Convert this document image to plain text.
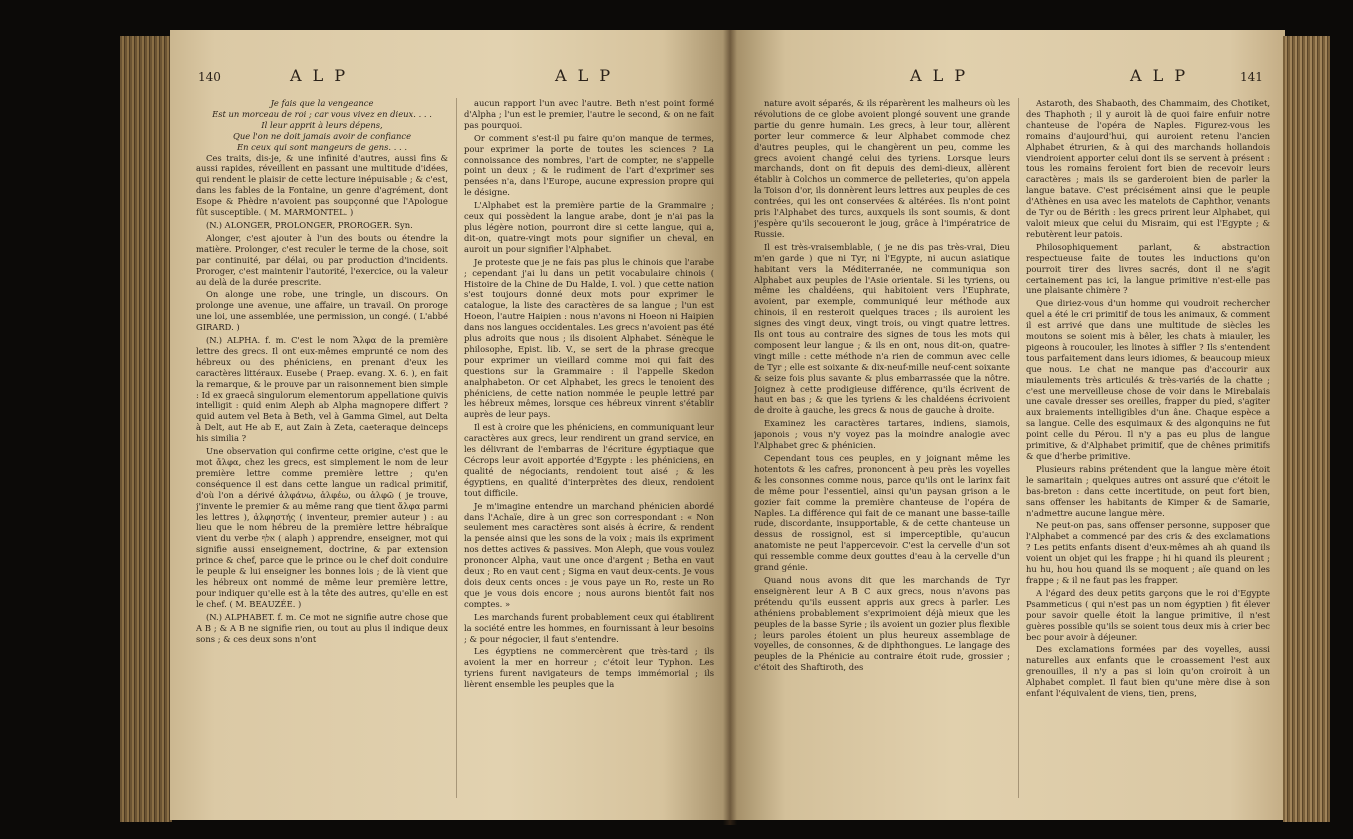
140	A L P	A L P

Je fais que la vengeance

Est un morceau de roi ; car vous vivez en dieux. . . .

Il leur apprit à leurs dépens,

Que l'on ne doit jamais avoir de confiance

En ceux qui sont mangeurs de gens. . . .

Ces traits, dis-je, & une infinité d'autres, aussi fins & aussi rapides, réveillent en passant une multitude d'idées, qui rendent le plaisir de cette lecture inépuisable ; & c'est, dans les fables de la Fontaine, un genre d'agrément, dont Esope & Phèdre n'avoient pas soupçonné que l'Apologue fût susceptible. ( M. MARMONTEL. )

(N.) ALONGER, PROLONGER, PROROGER. Syn.

Alonger, c'est ajouter à l'un des bouts ou étendre la matière. Prolonger, c'est reculer le terme de la chose, soit par continuité, par délai, ou par production d'incidents. Proroger, c'est maintenir l'autorité, l'exercice, ou la valeur au delà de la durée prescrite.

On alonge une robe, une tringle, un discours. On prolonge une avenue, une affaire, un travail. On proroge une loi, une assemblée, une permission, un congé. ( L'abbé GIRARD. )

(N.) ALPHA. f. m. C'est le nom Ἄλφα de la première lettre des grecs. Il ont eux-mêmes emprunté ce nom des hébreux ou des phéniciens, en prenant d'eux les caractères littéraux. Eusebe ( Praep. evang. X. 6. ), en fait la remarque, & le prouve par un raisonnement bien simple : Id ex graecâ singulorum elementorum appellatione quivis intelligit : quid enim Aleph ab Alpha magnopere differt ? quid autem vel Beta à Beth, vel à Gamma Gimel, aut Delta à Delt, aut He ab E, aut Zain à Zeta, caeteraque deinceps his similia ?

Une observation qui confirme cette origine, c'est que le mot ἄλφα, chez les grecs, est simplement le nom de leur première lettre comme première lettre ; qu'en conséquence il est dans cette langue un radical primitif, d'où l'on a dérivé ἀλφάνω, ἀλφέω, ou ἀλφῶ ( je trouve, j'invente le premier & au même rang que tient ἄλφα parmi les lettres ), ἀλφηστής ( inventeur, premier auteur ) : au lieu que le nom hébreu de la première lettre hébraïque vient du verbe אלף ( alaph ) apprendre, enseigner, mot qui signifie aussi enseignement, doctrine, & par extension prince & chef, parce que le prince ou le chef doit conduire le peuple & lui enseigner les bonnes lois ; de là vient que les hébreux ont nommé de même leur première lettre, pour indiquer qu'elle est à la tête des autres, qu'elle en est le chef. ( M. BEAUZÉE. )

(N.) ALPHABET. f. m. Ce mot ne signifie autre chose que A B ; & A B ne signifie rien, ou tout au plus il indique deux sons ; & ces deux sons n'ont

aucun rapport l'un avec l'autre. Beth n'est point formé d'Alpha ; l'un est le premier, l'autre le second, & on ne fait pas pourquoi.

Or comment s'est-il pu faire qu'on manque de termes, pour exprimer la porte de toutes les sciences ? La connoissance des nombres, l'art de compter, ne s'appelle point un deux ; & le rudiment de l'art d'exprimer ses pensées n'a, dans l'Europe, aucune expression propre qui le désigne.

L'Alphabet est la première partie de la Grammaire ; ceux qui possèdent la langue arabe, dont je n'ai pas la plus légère notion, pourront dire si cette langue, qui a, dit-on, quatre-vingt mots pour signifier un cheval, en auroit un pour signifier l'Alphabet.

Je proteste que je ne fais pas plus le chinois que l'arabe ; cependant j'ai lu dans un petit vocabulaire chinois ( Histoire de la Chine de Du Halde, I. vol. ) que cette nation s'est toujours donné deux mots pour exprimer le catalogue, la liste des caractères de sa langue ; l'un est Hoeon, l'autre Haipien : nous n'avons ni Hoeon ni Haipien dans nos langues occidentales. Les grecs n'avoient pas été plus adroits que nous ; ils disoient Alphabet. Sénèque le philosophe, Epist. lib. V., se sert de la phrase grecque pour exprimer un vieillard comme moi qui fait des questions sur la Grammaire : il l'appelle Skedon analphabeton. Or cet Alphabet, les grecs le tenoient des phéniciens, de cette nation nommée le peuple lettré par les hébreux mêmes, lorsque ces hébreux vinrent s'établir auprès de leur pays.

Il est à croire que les phéniciens, en communiquant leur caractères aux grecs, leur rendirent un grand service, en les délivrant de l'embarras de l'écriture égyptiaque que Cécrops leur avoit apportée d'Egypte : les phéniciens, en qualité de négociants, rendoient tout aisé ; & les égyptiens, en qualité d'interprètes des dieux, rendoient tout difficile.

Je m'imagine entendre un marchand phénicien abordé dans l'Achaïe, dire à un grec son correspondant : « Non seulement mes caractères sont aisés à écrire, & rendent la pensée ainsi que les sons de la voix ; mais ils expriment nos dettes actives & passives. Mon Aleph, que vous voulez prononcer Alpha, vaut une once d'argent ; Betha en vaut deux ; Ro en vaut cent ; Sigma en vaut deux-cents. Je vous dois deux cents onces : je vous paye un Ro, reste un Ro que je vous dois encore ; nous aurons bientôt fait nos comptes. »

Les marchands furent probablement ceux qui établirent la société entre les hommes, en fournissant à leur besoins ; & pour négocier, il faut s'entendre.

Les égyptiens ne commercèrent que très-tard ; ils avoient la mer en horreur ; c'étoit leur Typhon. Les tyriens furent navigateurs de temps immémorial ; ils lièrent ensemble les peuples que la

A L P	A L P	141

nature avoit séparés, & ils réparèrent les malheurs où les révolutions de ce globe avoient plongé souvent une grande partie du genre humain. Les grecs, à leur tour, allèrent porter leur commerce & leur Alphabet commode chez d'autres peuples, qui le changèrent un peu, comme les grecs avoient changé celui des tyriens. Lorsque leurs marchands, dont on fit depuis des demi-dieux, allèrent établir à Colchos un commerce de pelleteries, qu'on appela la Toison d'or, ils donnèrent leurs lettres aux peuples de ces contrées, qui les ont conservées & altérées. Ils n'ont point pris l'Alphabet des turcs, auxquels ils sont soumis, & dont j'espère qu'ils secoueront le joug, grâce à l'impératrice de Russie.

Il est très-vraisemblable, ( je ne dis pas très-vrai, Dieu m'en garde ) que ni Tyr, ni l'Egypte, ni aucun asiatique habitant vers la Méditerranée, ne communiqua son Alphabet aux peuples de l'Asie orientale. Si les tyriens, ou même les chaldéens, qui habitoient vers l'Euphrate, avoient, par exemple, communiqué leur méthode aux chinois, il en resteroit quelques traces ; ils auroient les signes des vingt deux, vingt trois, ou vingt quatre lettres. Ils ont tous au contraire des signes de tous les mots qui composent leur langue ; & ils en ont, nous dit-on, quatre-vingt mille : cette méthode n'a rien de commun avec celle de Tyr ; elle est soixante & dix-neuf-mille neuf-cent soixante & seize fois plus savante & plus embarrassée que la nôtre. Joignez à cette prodigieuse différence, qu'ils écrivent de haut en bas ; & que les tyriens & les chaldéens écrivoient de droite à gauche, les grecs & nous de gauche à droite.

Examinez les caractères tartares, indiens, siamois, japonois ; vous n'y voyez pas la moindre analogie avec l'Alphabet grec & phénicien.

Cependant tous ces peuples, en y joignant même les hotentots & les cafres, prononcent à peu près les voyelles & les consonnes comme nous, parce qu'ils ont le larinx fait de même pour l'essentiel, ainsi qu'un paysan grison a le gozier fait comme la première chanteuse de l'opéra de Naples. La différence qui fait de ce manant une basse-taille rude, discordante, insupportable, & de cette chanteuse un dessus de rossignol, est si imperceptible, qu'aucun anatomiste ne peut l'appercevoir. C'est la cervelle d'un sot qui ressemble comme deux gouttes d'eau à la cervelle d'un grand génie.

Quand nous avons dit que les marchands de Tyr enseignèrent leur A B C aux grecs, nous n'avons pas prétendu qu'ils eussent appris aux grecs à parler. Les athéniens probablement s'exprimoient déjà mieux que les peuples de la basse Syrie ; ils avoient un gozier plus flexible ; leurs paroles étoient un plus heureux assemblage de voyelles, de consonnes, & de diphthongues. Le langage des peuples de la Phénicie au contraire étoit rude, grossier ; c'étoit des Shaftiroth, des

Astaroth, des Shabaoth, des Chammaim, des Chotiket, des Thaphoth ; il y auroit là de quoi faire enfuir notre chanteuse de l'opéra de Naples. Figurez-vous les romains d'aujourd'hui, qui auroient retenu l'ancien Alphabet étrurien, & à qui des marchands hollandois viendroient apporter celui dont ils se servent à présent : tous les romains feroient fort bien de recevoir leurs caractères ; mais ils se garderoient bien de parler la langue batave. C'est précisément ainsi que le peuple d'Athènes en usa avec les matelots de Caphthor, venants de Tyr ou de Bérith : les grecs prirent leur Alphabet, qui valoit mieux que celui du Misraim, qui est l'Egypte ; & rebutèrent leur patois.

Philosophiquement parlant, & abstraction respectueuse faite de toutes les inductions qu'on pourroit tirer des livres sacrés, dont il ne s'agit certainement pas ici, la langue primitive n'est-elle pas une plaisante chimère ?

Que diriez-vous d'un homme qui voudroit rechercher quel a été le cri primitif de tous les animaux, & comment il est arrivé que dans une multitude de siècles les moutons se soient mis à bêler, les chats à miauler, les pigeons à roucouler, les linotes à siffler ? Ils s'entendent tous parfaitement dans leurs idiomes, & beaucoup mieux que nous. Le chat ne manque pas d'accourir aux miaulements très articulés & très-variés de la chatte ; c'est une merveilleuse chose de voir dans le Mirebalais une cavale dresser ses oreilles, frapper du pied, s'agiter aux braiements intelligibles d'un âne. Chaque espèce a sa langue. Celle des esquimaux & des algonquins ne fut point celle du Pérou. Il n'y a pas eu plus de langue primitive, & d'Alphabet primitif, que de chênes primitifs & que d'herbe primitive.

Plusieurs rabins prétendent que la langue mère étoit le samaritain ; quelques autres ont assuré que c'étoit le bas-breton : dans cette incertitude, on peut fort bien, sans offenser les habitants de Kimper & de Samarie, n'admettre aucune langue mère.

Ne peut-on pas, sans offenser personne, supposer que l'Alphabet a commencé par des cris & des exclamations ? Les petits enfants disent d'eux-mêmes ah ah quand ils voient un objet qui les frappe ; hi hi quand ils pleurent ; hu hu, hou hou quand ils se moquent ; aïe quand on les frappe ; & il ne faut pas les frapper.

A l'égard des deux petits garçons que le roi d'Egypte Psammeticus ( qui n'est pas un nom égyptien ) fit élever pour savoir quelle étoit la langue primitive, il n'est guères possible qu'ils se soient tous deux mis à crier bec bec pour avoir à déjeuner.

Des exclamations formées par des voyelles, aussi naturelles aux enfants que le croassement l'est aux grenouilles, il n'y a pas si loin qu'on croiroit à un Alphabet complet. Il faut bien qu'une mère dise à son enfant l'équivalent de viens, tien, prens,
